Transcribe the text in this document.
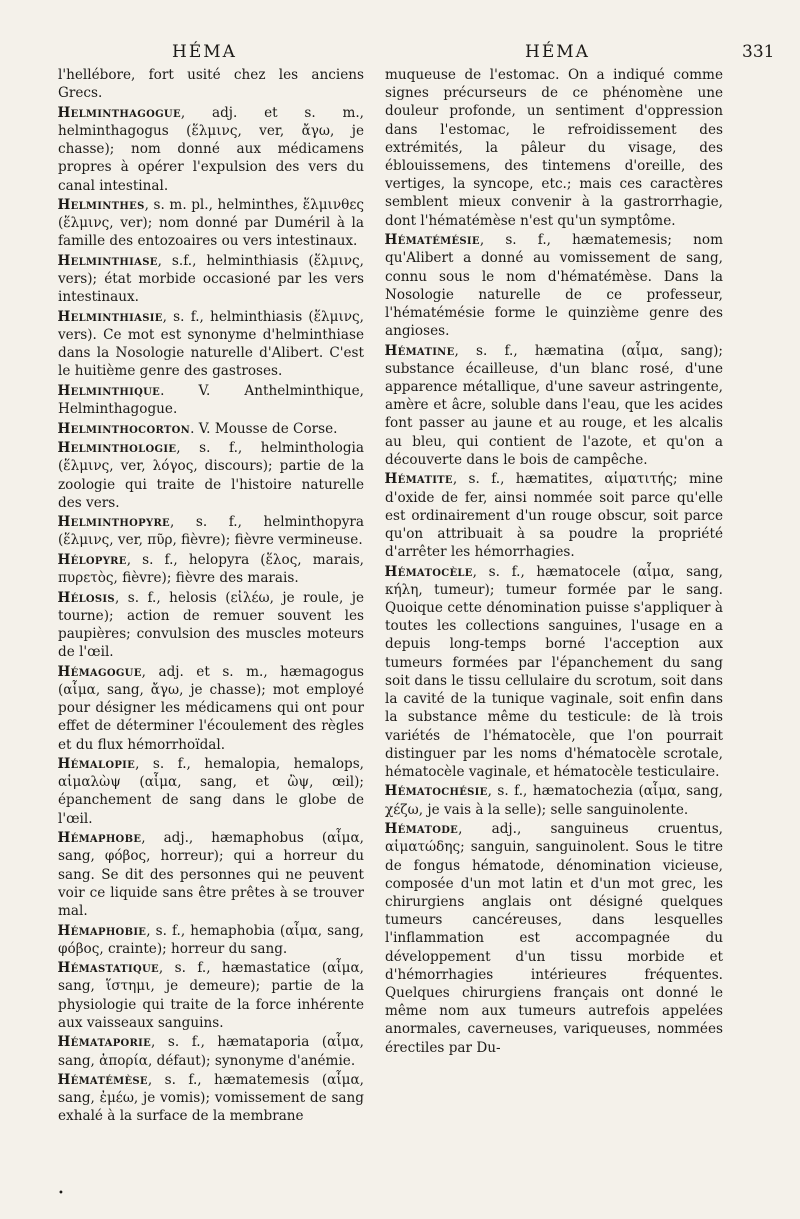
HÉMA	HÉMA	331

l'hellébore, fort usité chez les anciens Grecs.

Helminthagogue, adj. et s. m., helminthagogus (ἕλμινς, ver, ἄγω, je chasse); nom donné aux médicamens propres à opérer l'expulsion des vers du canal intestinal.

Helminthes, s. m. pl., helminthes, ἕλμινθες (ἕλμινς, ver); nom donné par Duméril à la famille des entozoaires ou vers intestinaux.

Helminthiase, s.f., helminthiasis (ἕλμινς, vers); état morbide occasioné par les vers intestinaux.

Helminthiasie, s. f., helminthiasis (ἕλμινς, vers). Ce mot est synonyme d'helminthiase dans la Nosologie naturelle d'Alibert. C'est le huitième genre des gastroses.

Helminthique. V. Anthelminthique, Helminthagogue.

Helminthocorton. V. Mousse de Corse.

Helminthologie, s. f., helminthologia (ἕλμινς, ver, λόγος, discours); partie de la zoologie qui traite de l'histoire naturelle des vers.

Helminthopyre, s. f., helminthopyra (ἕλμινς, ver, πῦρ, fièvre); fièvre vermineuse.

Hélopyre, s. f., helopyra (ἕλος, marais, πυρετὸς, fièvre); fièvre des marais.

Hélosis, s. f., helosis (εἰλέω, je roule, je tourne); action de remuer souvent les paupières; convulsion des muscles moteurs de l'œil.

Hémagogue, adj. et s. m., hæmagogus (αἷμα, sang, ἄγω, je chasse); mot employé pour désigner les médicamens qui ont pour effet de déterminer l'écoulement des règles et du flux hémorrhoïdal.

Hémalopie, s. f., hemalopia, hemalops, αἱμαλὼψ (αἷμα, sang, et ὢψ, œil); épanchement de sang dans le globe de l'œil.

Hémaphobe, adj., hæmaphobus (αἷμα, sang, φόβος, horreur); qui a horreur du sang. Se dit des personnes qui ne peuvent voir ce liquide sans être prêtes à se trouver mal.

Hémaphobie, s. f., hemaphobia (αἷμα, sang, φόβος, crainte); horreur du sang.

Hémastatique, s. f., hæmastatice (αἷμα, sang, ἵστημι, je demeure); partie de la physiologie qui traite de la force inhérente aux vaisseaux sanguins.

Hémataporie, s. f., hæmataporia (αἷμα, sang, ἀπορία, défaut); synonyme d'anémie.

Hématémèse, s. f., hæmatemesis (αἷμα, sang, ἐμέω, je vomis); vomissement de sang exhalé à la surface de la membrane

muqueuse de l'estomac. On a indiqué comme signes précurseurs de ce phénomène une douleur profonde, un sentiment d'oppression dans l'estomac, le refroidissement des extrémités, la pâleur du visage, des éblouissemens, des tintemens d'oreille, des vertiges, la syncope, etc.; mais ces caractères semblent mieux convenir à la gastrorrhagie, dont l'hématémèse n'est qu'un symptôme.

Hématémésie, s. f., hæmatemesis; nom qu'Alibert a donné au vomissement de sang, connu sous le nom d'hématémèse. Dans la Nosologie naturelle de ce professeur, l'hématémésie forme le quinzième genre des angioses.

Hématine, s. f., hæmatina (αἷμα, sang); substance écailleuse, d'un blanc rosé, d'une apparence métallique, d'une saveur astringente, amère et âcre, soluble dans l'eau, que les acides font passer au jaune et au rouge, et les alcalis au bleu, qui contient de l'azote, et qu'on a découverte dans le bois de campêche.

Hématite, s. f., hæmatites, αἱματιτής; mine d'oxide de fer, ainsi nommée soit parce qu'elle est ordinairement d'un rouge obscur, soit parce qu'on attribuait à sa poudre la propriété d'arrêter les hémorrhagies.

Hématocèle, s. f., hæmatocele (αἷμα, sang, κήλη, tumeur); tumeur formée par le sang. Quoique cette dénomination puisse s'appliquer à toutes les collections sanguines, l'usage en a depuis long-temps borné l'acception aux tumeurs formées par l'épanchement du sang soit dans le tissu cellulaire du scrotum, soit dans la cavité de la tunique vaginale, soit enfin dans la substance même du testicule: de là trois variétés de l'hématocèle, que l'on pourrait distinguer par les noms d'hématocèle scrotale, hématocèle vaginale, et hématocèle testiculaire.

Hématochésie, s. f., hæmatochezia (αἷμα, sang, χέζω, je vais à la selle); selle sanguinolente.

Hématode, adj., sanguineus cruentus, αἱματώδης; sanguin, sanguinolent. Sous le titre de fongus hématode, dénomination vicieuse, composée d'un mot latin et d'un mot grec, les chirurgiens anglais ont désigné quelques tumeurs cancéreuses, dans lesquelles l'inflammation est accompagnée du développement d'un tissu morbide et d'hémorrhagies intérieures fréquentes. Quelques chirurgiens français ont donné le même nom aux tumeurs autrefois appelées anormales, caverneuses, variqueuses, nommées érectiles par Du-

•
